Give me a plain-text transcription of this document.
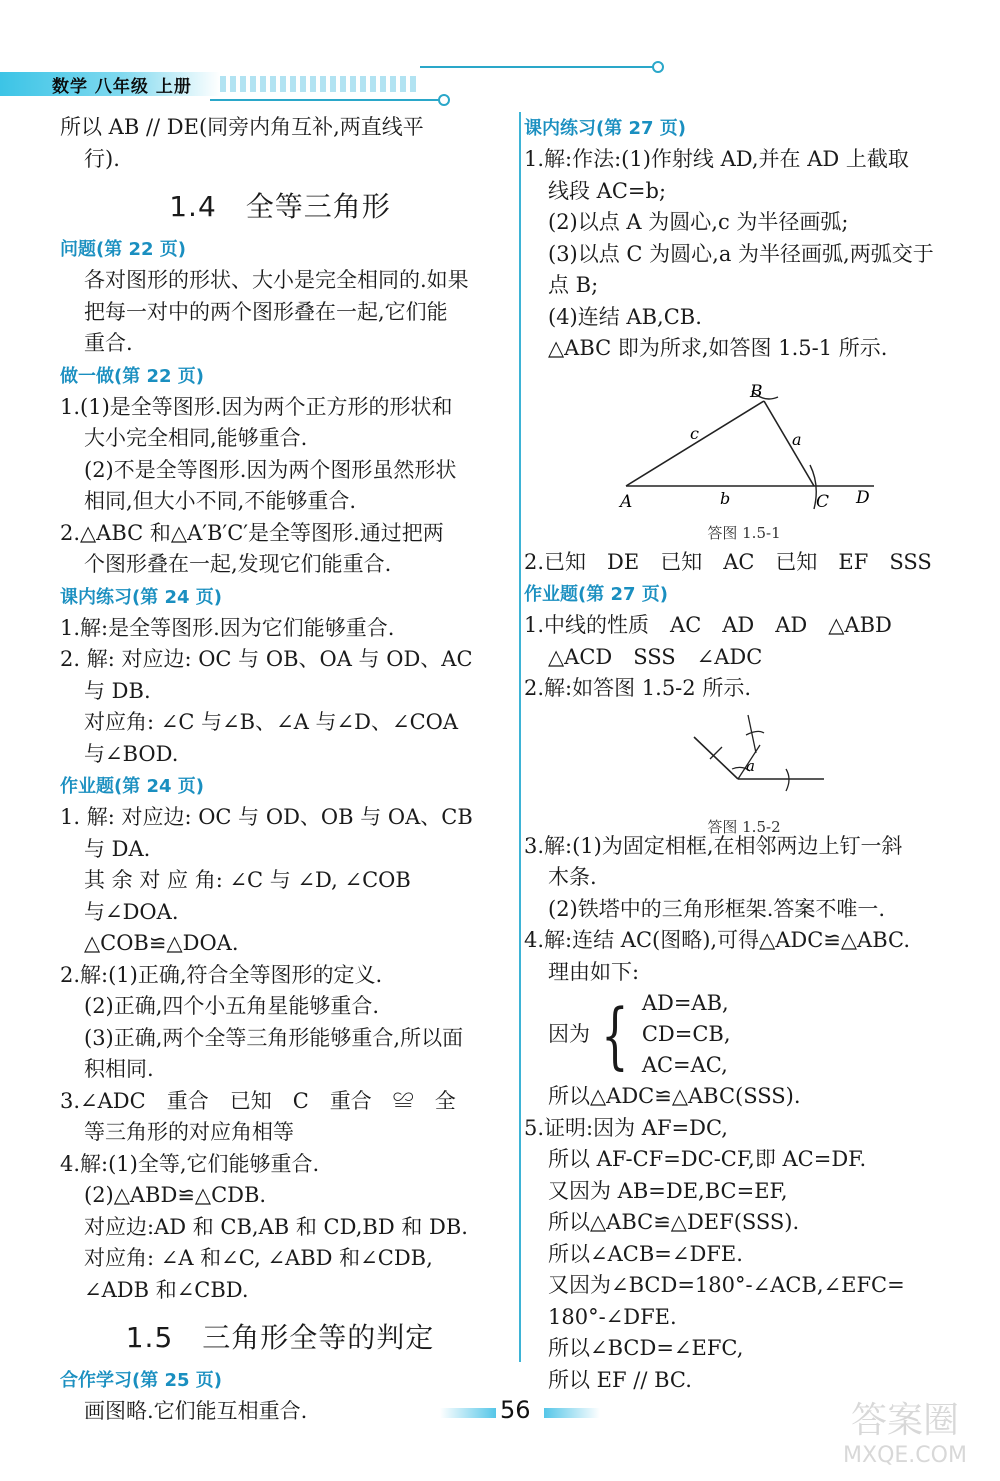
数学 八年级 上册
所以 AB // DE(同旁内角互补,两直线平
行).
1.4　全等三角形
问题(第 22 页)
各对图形的形状、大小是完全相同的.如果
把每一对中的两个图形叠在一起,它们能
重合.
做一做(第 22 页)
1.(1)是全等图形.因为两个正方形的形状和
大小完全相同,能够重合.
(2)不是全等图形.因为两个图形虽然形状
相同,但大小不同,不能够重合.
2.△ABC 和△A′B′C′是全等图形.通过把两
个图形叠在一起,发现它们能重合.
课内练习(第 24 页)
1.解:是全等图形.因为它们能够重合.
2. 解: 对应边: OC 与 OB、OA 与 OD、AC
与 DB.
对应角: ∠C 与∠B、∠A 与∠D、∠COA
与∠BOD.
作业题(第 24 页)
1. 解: 对应边: OC 与 OD、OB 与 OA、CB
与 DA.
其 余 对 应 角: ∠C 与 ∠D, ∠COB
与∠DOA.
△COB≌△DOA.
2.解:(1)正确,符合全等图形的定义.
(2)正确,四个小五角星能够重合.
(3)正确,两个全等三角形能够重合,所以面
积相同.
3.∠ADC　重合　已知　C　重合　≌　全
等三角形的对应角相等
4.解:(1)全等,它们能够重合.
(2)△ABD≌△CDB.
对应边:AD 和 CB,AB 和 CD,BD 和 DB.
对应角: ∠A 和∠C, ∠ABD 和∠CDB,
∠ADB 和∠CBD.
1.5　三角形全等的判定
合作学习(第 25 页)
画图略.它们能互相重合.
课内练习(第 27 页)
1.解:作法:(1)作射线 AD,并在 AD 上截取
线段 AC=b;
(2)以点 A 为圆心,c 为半径画弧;
(3)以点 C 为圆心,a 为半径画弧,两弧交于
点 B;
(4)连结 AB,CB.
△ABC 即为所求,如答图 1.5-1 所示.
A
B
C D
a
b
c
答图 1.5-1
2.已知　DE　已知　AC　已知　EF　SSS
作业题(第 27 页)
1.中线的性质　AC　AD　AD　△ABD
△ACD　SSS　∠ADC
2.解:如答图 1.5-2 所示.
a
答图 1.5-2
3.解:(1)为固定相框,在相邻两边上钉一斜
木条.
(2)铁塔中的三角形框架.答案不唯一.
4.解:连结 AC(图略),可得△ADC≌△ABC.
理由如下:
因为 { AD=AB,
CD=CB,
AC=AC,
所以△ADC≌△ABC(SSS).
5.证明:因为 AF=DC,
所以 AF-CF=DC-CF,即 AC=DF.
又因为 AB=DE,BC=EF,
所以△ABC≌△DEF(SSS).
所以∠ACB=∠DFE.
又因为∠BCD=180°-∠ACB,∠EFC=
180°-∠DFE.
所以∠BCD=∠EFC,
所以 EF // BC.
56	答案圈
MXQE.COM
